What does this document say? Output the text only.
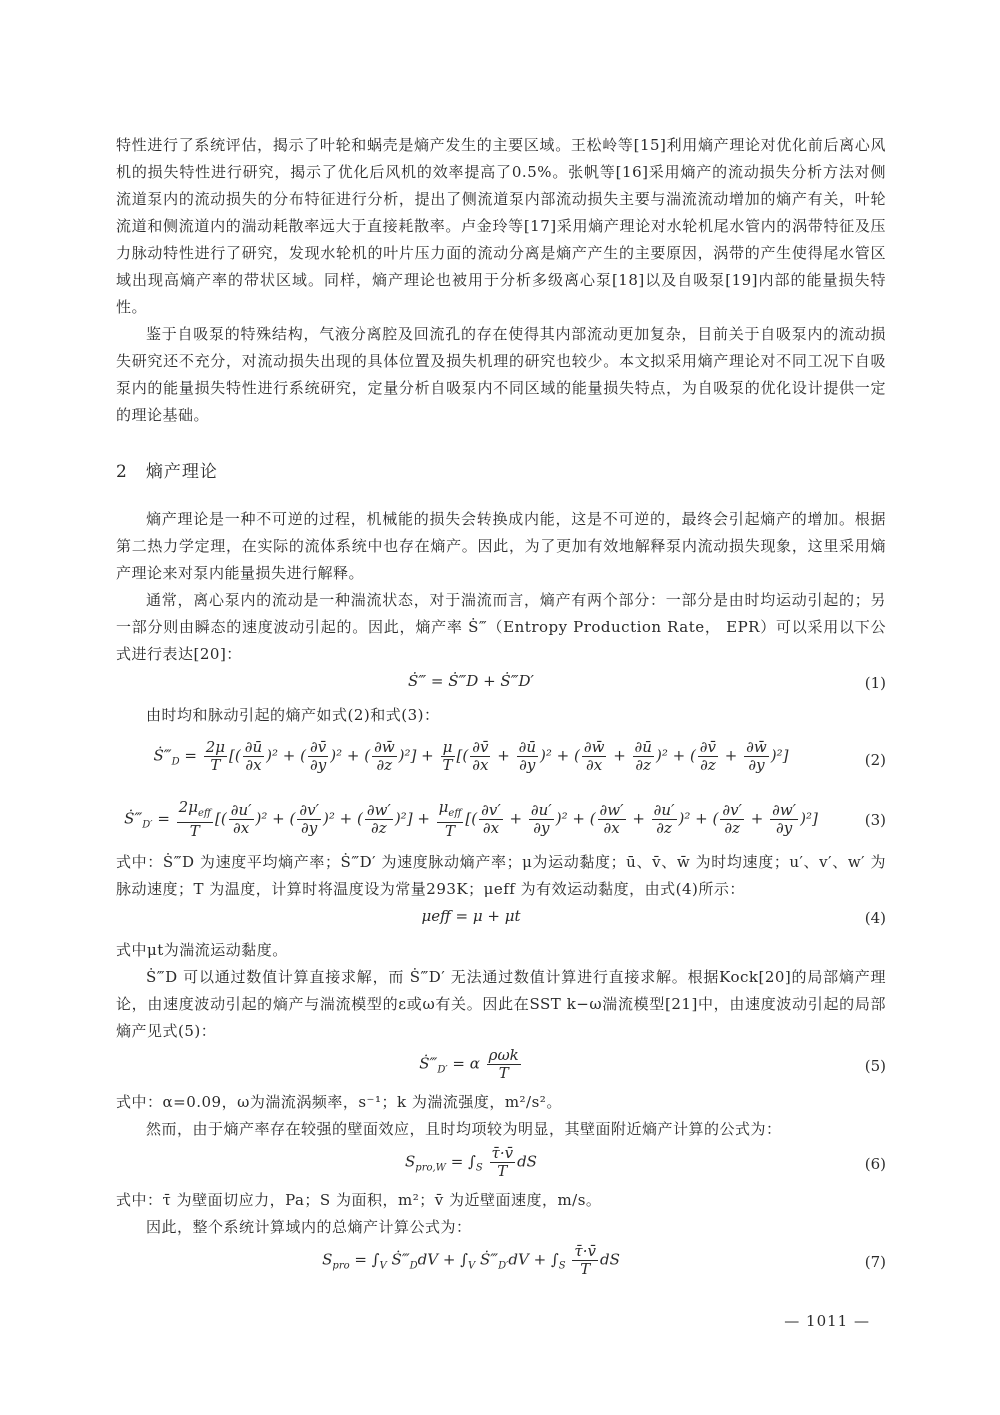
特性进行了系统评估，揭示了叶轮和蜗壳是熵产发生的主要区域。王松岭等[15]利用熵产理论对优化前后离心风机的损失特性进行研究，揭示了优化后风机的效率提高了0.5%。张帆等[16]采用熵产的流动损失分析方法对侧流道泵内的流动损失的分布特征进行分析，提出了侧流道泵内部流动损失主要与湍流流动增加的熵产有关，叶轮流道和侧流道内的湍动耗散率远大于直接耗散率。卢金玲等[17]采用熵产理论对水轮机尾水管内的涡带特征及压力脉动特性进行了研究，发现水轮机的叶片压力面的流动分离是熵产产生的主要原因，涡带的产生使得尾水管区域出现高熵产率的带状区域。同样，熵产理论也被用于分析多级离心泵[18]以及自吸泵[19]内部的能量损失特性。

鉴于自吸泵的特殊结构，气液分离腔及回流孔的存在使得其内部流动更加复杂，目前关于自吸泵内的流动损失研究还不充分，对流动损失出现的具体位置及损失机理的研究也较少。本文拟采用熵产理论对不同工况下自吸泵内的能量损失特性进行系统研究，定量分析自吸泵内不同区域的能量损失特点，为自吸泵的优化设计提供一定的理论基础。

2 熵产理论

熵产理论是一种不可逆的过程，机械能的损失会转换成内能，这是不可逆的，最终会引起熵产的增加。根据第二热力学定理，在实际的流体系统中也存在熵产。因此，为了更加有效地解释泵内流动损失现象，这里采用熵产理论来对泵内能量损失进行解释。

通常，离心泵内的流动是一种湍流状态，对于湍流而言，熵产有两个部分：一部分是由时均运动引起的；另一部分则由瞬态的速度波动引起的。因此，熵产率 Ṡ‴（Entropy Production Rate， EPR）可以采用以下公式进行表达[20]：

Ṡ‴ = Ṡ‴D + Ṡ‴D′	(1)

由时均和脉动引起的熵产如式(2)和式(3)：

$Ṡ‴_D = \frac{2\mu}{T}$ [( $\frac{\partial ū}{\partial x} )^2$ + ( $\frac{\partial v̄}{\partial y} )^2$ + ( $\frac{\partial w̄}{\partial z} )^2] + \frac{\mu}{T}$ [( $\frac{\partial v̄}{\partial x} + \frac{\partial ū}{\partial y} )^2$ + ( $\frac{\partial w̄}{\partial x} + \frac{\partial ū}{\partial z} )^2$ + ( $\frac{\partial v̄}{\partial z} + \frac{\partial w̄}{\partial y} )^2$]	(2)
$Ṡ‴_{D'} = \frac{2\mu_{eff}}{T}$ [( $\frac{\partial u'}{\partial x} )^2$ + ( $\frac{\partial v'}{\partial y} )^2$ + ( $\frac{\partial w'}{\partial z} )^2] + \frac{\mu_{eff}}{T}$ [( $\frac{\partial v'}{\partial x} + \frac{\partial u'}{\partial y} )^2$ + ( $\frac{\partial w'}{\partial x} + \frac{\partial u'}{\partial z} )^2$ + ( $\frac{\partial v'}{\partial z} + \frac{\partial w'}{\partial y} )^2$]	(3)

式中：Ṡ‴D 为速度平均熵产率；Ṡ‴D′ 为速度脉动熵产率；μ为运动黏度；ū、v̄、w̄ 为时均速度；u′、v′、w′ 为脉动速度；T 为温度，计算时将温度设为常量293K；μeff 为有效运动黏度，由式(4)所示：

μeff = μ + μt	(4)

式中μt为湍流运动黏度。

Ṡ‴D 可以通过数值计算直接求解，而 Ṡ‴D′ 无法通过数值计算进行直接求解。根据Kock[20]的局部熵产理论，由速度波动引起的熵产与湍流模型的ε或ω有关。因此在SST k−ω湍流模型[21]中，由速度波动引起的局部熵产见式(5)：

$Ṡ‴_{D'} = \alpha \frac{\text{ρωk}}{T}$	(5)

式中：α=0.09，ω为湍流涡频率，s⁻¹；k 为湍流强度，m²/s²。

然而，由于熵产率存在较强的壁面效应，且时均项较为明显，其壁面附近熵产计算的公式为：

$S_{pro,W} = \int_S \frac{\taū\cdot v̄}{T}$ dS	(6)

式中：τ̄ 为壁面切应力，Pa；S 为面积，m²；v̄ 为近壁面速度，m/s。

因此，整个系统计算域内的总熵产计算公式为：

$S_{pro} = \int_V$ $Ṡ‴_DdV + \int_V$ $Ṡ‴_{D'}dV + \int_S \frac{\taū\cdot v̄}{T}$ dS	(7)
— 1011 —
